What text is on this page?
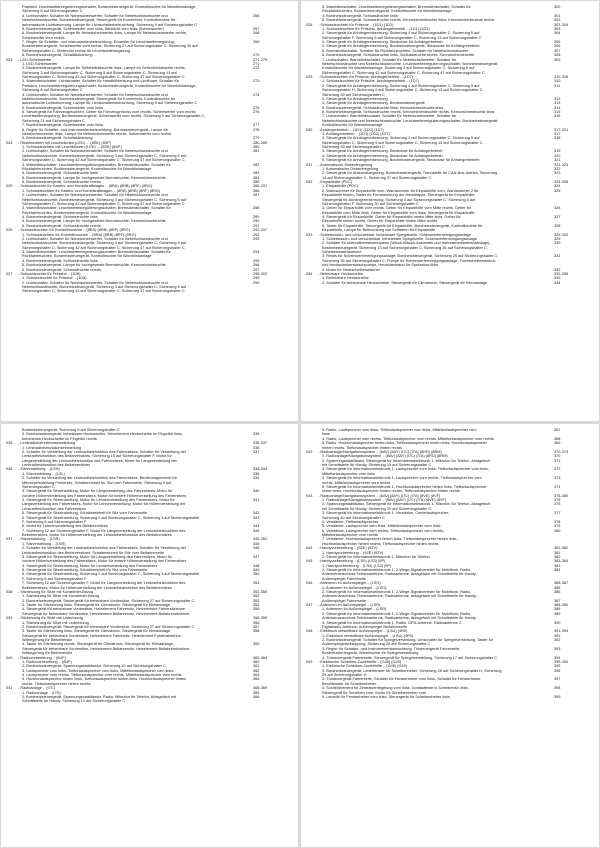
Parklicht, Leuchtweitenregulierungsschalter, Bordnetzsteuergerät, Kontrollleuchte für Warnblinkanlage,
Sicherung 8 auf Sicherungshalter C
4. Lichtschalter, Schalter für Nebelscheinwerfer, Schalter für Nebelschlussleuchte und	266
Nebelschlussleuchte, Bordnetzsteuergerät, Steuergerät für Kurvenlicht, Kontrollleuchte für
automatische Lichtsteuerung, Lampe für Lichtschalterbeleuchtung, Sicherung 9 auf Sicherungshalter C
5. Bordnetzsteuergerät, Scheinwerfer vorn links, Blinklicht vorn links (Scheinwerfer)	267
6. Bordnetzsteuergerät, Lampe für Nebelscheinwerfer links, Lampe für Nebelscheinwerfer rechts,	268
Scheinwerfer vorn rechts
7. Regler für Schalter- und Instrumentenbeleuchtung, Einsteller für Leuchtweitenregelung,	269
Bordnetzsteuergerät, Scheinwerfer vorn rechts, Sicherung 21 auf Sicherungshalter C, Sicherung 30 auf
Sicherungshalter C, Stellmotor rechts für Leuchtweitenregelung
8. Bordnetzsteuergerät, Schaltaktivierung	270
023	- LED-Scheinwerfer	271-279
1. LED-Scheinwerfer	271
2. Bordnetzsteuergerät, Lampe für Seitenblinkleuchte links, Lampe für Seitenblinkleuchte rechts,	272
Sicherung 3 auf Sicherungshalter C, Sicherung 5 auf Sicherungshalter C, Sicherung 13 auf
Sicherungshalter C, Sicherung 42 auf Sicherungshalter C, Sicherung 47 auf Sicherungshalter C
3. Warnblinkschalter, Lichtschalter, Schalter für Handbühlenkung und Lichthupe, Schalter für	273
Parklicht, Leuchtweitenregulierungsschalter, Bordnetzsteuergerät, Kontrollleuchte für Warnblinkanlage,
Sicherung 8 auf Sicherungshalter C
4. Lichtschalter, Schalter für Nebelscheinwerfer, Schalter für Nebelschlussleuchte und	274
Nebelschlussleuchte, Bordnetzsteuergerät, Steuergerät für Kurvenlicht, Kontrollleuchte für
automatische Lichtsteuerung, Lampe für Lichtschalterbeleuchtung, Sicherung 9 auf Sicherungshalter C
5. Bordnetzsteuergerät, Scheinwerfer vorn links	275
6. Steuergerät für Fahrzeugleuchten, Geber für Fahrzeugniveau vorn rechts, Scheinwerfer vorn rechts	276
Leuchtweitenregelung, Bordnetzsteuergerät, Scheinwerfer vorn rechts, Sicherung 9 auf Sicherungshalter C,
Sicherung 21 auf Sicherungshalter C
7. Bordnetzsteuergerät, Scheinwerfer vorn links	277
8. Regler für Schalter- und Instrumentenbeleuchtung, Bordnetzsteuergerät, Lampe für	278
Nebelscheinwerfer links, Lampe für Nebelscheinwerfer rechts, Scheinwerfer vorn rechts
9. Bordnetzsteuergerät, Schaltaktivierung	279
024	- Rückleuchten mit Leuchtdioden (LED) ... (8SK) (8SP)	280-285
1. Schlussleuchten mit Leuchtdioden (LED) ... (8SK) (8SP)	280
2. Lichtschalter, Schalter für Nebelscheinwerfer, Schalter für Nebelschlussleuchte und	281
Nebelschlussleuchte, Bordnetzsteuergerät, Sicherung 3 auf Sicherungshalter C, Sicherung 5 auf
Sicherungshalter C, Sicherung 42 auf Sicherungshalter C, Sicherung 47 auf Sicherungshalter C
3. Warnblinkschalter, Leuchtweitenregulierungsschalter, Bremslichtschalter, Schalter für	282
Rückfahrleuchten, Bordnetzsteuergerät, Kontrollleuchte für Warnblinkanlage
4. Bordnetzsteuergerät, Schlussleuchte links	283
5. Bordnetzsteuergerät, Lampe für hochgesetzte Bremsleuchte, Kennzeichenleuchte	284
6. Bordnetzsteuergerät, Schlussleuchte rechts	285
025	- Schlussleuchte für Kasten- und Kombikraftwagen .. (8RA) (8RB) (8RF) (8RG)	286-291
1. Schlussleuchten für Kasten- und Kombikraftwagen .. (8RA) (8RB) (8RF) (8RG)	286
2. Lichtschalter, Schalter für Nebelscheinwerfer, Schalter für Nebelschlussleuchte und	287
Nebelschlussleuchte, Bordnetzsteuergerät, Sicherung 3 auf Sicherungshalter C, Sicherung 5 auf
Sicherungshalter C, Sicherung 42 auf Sicherungshalter C, Sicherung 47 auf Sicherungshalter C
3. Warnblinkschalter, Leuchtweitenregulierungsschalter, Bremslichtschalter, Schalter für	288
Rückfahrleuchten, Bordnetzsteuergerät, Kontrollleuchte für Warnblinkanlage
4. Bordnetzsteuergerät, Schlussleuchte links	289
5. Bordnetzsteuergerät, Lampe für hochgesetzte Bremsleuchte, Kennzeichenleuchte	290
6. Bordnetzsteuergerät, Schlussleuchte rechts	291
026	- Schlussleuchten für Kombilimousine .. (8RA) (8RB) (8RF) (8RG)	292-297
1. Schlussleuchten für Kombilimousine .. (8RA) (8RB) (8RF) (8RG)	292
2. Lichtschalter, Schalter für Nebelscheinwerfer, Schalter für Nebelschlussleuchte und	293
Nebelschlussleuchte, Bordnetzsteuergerät, Sicherung 3 auf Sicherungshalter C, Sicherung 5 auf
Sicherungshalter C, Sicherung 42 auf Sicherungshalter C, Sicherung 47 auf Sicherungshalter C
3. Warnblinkschalter, Leuchtweitenregulierungsschalter, Bremslichtschalter, Schalter für	294
Rückfahrleuchten, Bordnetzsteuergerät, Kontrollleuchte für Warnblinkanlage
4. Bordnetzsteuergerät, Schlussleuchte links	295
5. Bordnetzsteuergerät, Lampe für hochgesetzte Bremsleuchte, Kennzeichenleuchte	296
6. Bordnetzsteuergerät, Schlussleuchte rechts	297
027	- Schlussleuchte für Pritsche .. (1D8)	298-302
1. Schlussleuchte für Pritsche .. (1D8)	298
2. Lichtschalter, Schalter für Nebelscheinwerfer, Schalter für Nebelschlussleuchte und	299
Nebelschlussleuchte, Bordnetzsteuergerät, Sicherung 3 auf Sicherungshalter C, Sicherung 5 auf
Sicherungshalter C, Sicherung 42 auf Sicherungshalter C, Sicherung 47 auf Sicherungshalter C
3. Warnblinkschalter, Leuchtweitenregulierungsschalter, Bremslichtschalter, Schalter für	300
Rückfahrleuchten, Bordnetzsteuergerät, Kontrollleuchte für Warnblinkanlage
4. Bordnetzsteuergerät, Schlussleuchte links	301
5. Bordnetzsteuergerät, Schlussleuchte rechts, Kennzeichenleuchte links, Kennzeichenleuchte rechts	302
028	- Schlussleuchten für Pritsche .. (1D1) (1D2)	303-309
1. Schlussleuchten für Pritsche, Anhängerbetrieb .. (1D1) (1D2)	303
2. Steuergerät für Anhängererkennung, Sicherung 4 auf Sicherungshalter C, Sicherung 5 auf	304
Sicherungshalter F, Sicherung 5 auf Sicherungshalter C, Sicherung 13 auf Sicherungshalter C
3. Steuergerät für Anhängererkennung, Steckdose für Anhängerbetrieb	305
4. Steuergerät für Anhängererkennung, Bordnetzsteuergerät, Steckdose für Anhängerbetrieb	306
5. Bremslichtschalter, Schalter für Rückfahrleuchten, Schalter für Nebelschlussleuchte	307
6. Bordnetzsteuergerät, Schlussleuchte links, Schlussleuchte rechts, Kennzeichenleuchte	308
7. Lichtschalter, Warnblinkschalter, Schalter für Nebelscheinwerfer, Schalter für	309
Nebelschlussleuchte und Nebelschlussleuchte, Leuchtweitenregulierungsschalter, Bordnetzsteuergerät,
Kontrollleuchte für Warnblinkanlage, Sicherung 3 auf Sicherungshalter C, Sicherung 5 auf
Sicherungshalter C, Sicherung 42 auf Sicherungshalter C, Sicherung 47 auf Sicherungshalter C
029	- Schlussleuchten für Pritsche, Anhängerbetrieb .. (1D7)	310-316
1. Schlussleuchten für Pritsche, Anhängerbetrieb .. (1D7)	310
2. Steuergerät für Anhängererkennung, Sicherung 4 auf Sicherungshalter C, Sicherung 5 auf	311
Sicherungshalter H, Sicherung 9 auf Sicherungshalter C, Sicherung 13 auf Sicherungshalter C,
Sicherung 39 auf Sicherungshalter C
3. Steuergerät für Anhängererkennung	312
4. Steuergerät für Anhängererkennung, Bordnetzsteuergerät	313
5. Bordnetzsteuergerät, Schlussleuchte links, Kennzeichenleuchte links	314
6. Bordnetzsteuergerät, Schlussleuchte rechts, Kennzeichenleuchte rechts, Kennzeichenleuchte links	315
7. Lichtschalter, Warnblinkschalter, Schalter für Nebelscheinwerfer, Schalter für	316
Nebelschlussleuchte und Nebelschlussleuchte, Leuchtweitenregulierungsschalter, Bordnetzsteuergerät,
Kontrollleuchte für Warnblinkanlage
030	- Anhängerbetrieb .. (1D1) (1D2) (1D7)	317-321
1. Anhängerbetrieb .. (1D1) (1D2) (1D7)	317
2. Steuergerät für Anhängererkennung, Sicherung 4 auf Sicherungshalter C, Sicherung 5 auf	318
Sicherungshalter C, Sicherung 9 auf Sicherungshalter C, Sicherung 13 auf Sicherungshalter C,
Sicherung 39 auf Sicherungshalter C
3. Steuergerät für Anhängererkennung, Steckdose für Anhängerbetrieb	319
4. Steuergerät für Anhängererkennung, Steckdose für Anhängerbetrieb	320
5. Steuergerät für Anhängererkennung, Bordnetzsteuergerät, Steckdose für Anhängerbetrieb	321
031	- Automatische Distanzregelung	322-323
1. Automatische Distanzregelung	322
2. Steuergerät für Abstandsregelung, Bordnetzsteuergerät, Trennstelle für CAN-Bus-Antrieb, Sicherung	323
14 auf Sicherungshalter C, Sicherung 37 auf Sicherungshalter C
032	- Einparkhilfe (PDC)	324-328
1. Einparkhilfe (PDC)	324
2. Warnsummer für Einparkhilfe vorn, Warnsummer für Einparkhilfe vorn, Warnsummer 2 für	325
Einparkhilfe hinten, Taster für Fernsteuerung der Heckklappe, Steuergerät für Einparkhilfe,
Steuergerät für Anhängererkennung, Sicherung 4 auf Sicherungshalter C, Sicherung 6 auf
Sicherungshalter F, Sicherung 30 auf Sicherungshalter C
3. Geber für Einparkhilfe vorn rechts, Geber für Einparkhilfe vorn Mitte rechts, Geber für	326
Einparkhilfe vorn Mitte links, Geber für Einparkhilfe vorn links, Steuergerät für Einparkhilfe
4. Steuergerät für Einparkhilfe, Geber für Einparkhilfe hinten Mitte links, Geber für	327
Einparkhilfe hinten rechts, Geber für Einparkhilfe hinten Mitte rechts
5. Taster für Einparkhilfe, Steuergerät für Einparkhilfe, Bordnetzsteuergerät, Kontrollleuchte für	328
Einparkhilfe, Lampe für Beleuchtung von Schaltern für Einparkhilfe
033	- Schiebedach- und verschiebbar, beheizbare Spiegelzelle, Scheinwerferreinigungsanlage	329-332
1. Schiebedach- und verschiebbar, beheizbare Spiegelzelle, Scheinwerferreinigungsanlage	329
2. Schalter für Intervallbetriebsfrequenz (Wisch-Wasch-Automatik und Intervalmerkbetriebsanlage),	330
Bordnetzsteuergerät, Sicherung 13 auf Sicherungshalter C, Sicherung 36 auf Sicherungshalter C,
Scheibenwaschsumme
3. Relais für Scheinwerferreinigungsanlage, Bordnetzsteuergerät, Sicherung 29 auf Sicherungshalter C,	331
Sicherung 36 auf Sicherungshalter C, Pumpe für Scheinwerferreinigungsanlage, Frontscheibenwasch-
und Heckscheibenwaschpumpe, Heizwiderstand für Spritzdüse links
4. Motor für Heckscheibenwischer	332
034	- Beheizbare Heckscheibe	333-335
1. Beheizbare Heckscheibe	333
2. Schalter für beheizbare Heckscheibe, Steuergerät für Climatronic, Steuergerät für Klimaanlage	334
Bordnetzsteuergerät, Sicherung 8 auf Sicherungshalter C
3. Bordnetzsteuergerät, beheizbare Heckscheibe, Heizelement Heckscheibe im Flügelfür links,	335
beheizbare Heckscheibe im Flügeltür rechts
035	- Lenkradheizfunktionseinstellung	336-337
1. Lenkradheizfunktionseinstellung	336
2. Schalter für Verstellung der Lenkradheizfunktion des Fahrersitzes, Schalter für Verstellung der	337
Lenkradheizfunktion des Beifahrersitzes, Sicherung 10 auf Sicherungshalter F, Motor für
Längsverstellung der Lenkradheizfunktion des Fahrersitzes, Motor für Längsverstellung der
Lenkradheizfunktion des Beifahrersitzes
036	- Sitzverstellung .. (LSH)	338-344
1. Sitzverstellung .. (LSL)	338
2. Schalter für Verstellung der Lenkradheizfunktion des Fahrersitzes, Bedienungseinheit für	339
Memoryeinstellung Fahrersitz, Schaltereinheit für Sitz vorn Fahrerseite, Sicherung 3 auf
Sicherungshalter C
3. Steuergerät für Sitzeinstellung, Motor für Längsverstellung des Fahrersitzes, Motor für	340
vordere Höhenverstellung des Fahrersitzes, Motor für hintere Höhenverstellung des Fahrersitzes
4. Steuergerät für Sitzeinstellung, Motor für Lehnenverstellung des Fahrersitzes, Motor für	341
Längsverstellung des Fahrersitzes, Motor für Lehnenverstellung, Motor für Höhenverstellung der
Lenkradheizfunktion des Fahrersitzes
5. Steuergerät für Sitzeinstellung, Schaltereinheit für Sitz vorn Fahrerseite	342
6. Steuergerät für Sitzeinstellung, Sicherung 2 auf Sicherungshalter C, Sicherung 3 auf Sicherungshalter	343
F, Sicherung 8 auf Sicherungshalter F
8. Motor für Lehnenverstellung des Beifahrersitzes	344
7. Sicherung 12 auf Sicherungshalter F, Motor für Längsverstellung der Lenkradheizfunktion des	345
Beifahrersitzes, Motor für Höhenverstellung der Lenkradheizfunktion des Beifahrersitzes
037	- Sitzverstellung .. (LSR)	345-351
1. Sitzverstellung .. (LSR)	345
2. Schalter für Verstellung der Lenkradheizfunktion des Fahrersitzes, Schalter für Verstellung der	346
Lenkradheizfunktion des Beifahrersitzes, Schaltereinheit für Sitz vorn Beifahrerseite
3. Steuergerät für Sitzeinstellung, Motor für Längsverstellung des Fahrersitzes, Motor für	347
vordere Höhenverstellung des Fahrersitzes, Motor für hintere Höhenverstellung des Fahrersitzes
4. Steuergerät für Sitzeinstellung, Motor für Lehnenverstellung des Fahrersitzes	348
5. Steuergerät für Sitzeinstellung, Schaltereinheit für Sitz vorn Fahrerseite	349
6. Steuergerät für Sitzeinstellung, Sicherung 2 auf Sicherungshalter C, Sicherung 3 auf Sicherungshalter	350
F, Sicherung 8 auf Sicherungshalter F
7. Sicherung 12 auf Sicherungshalter F, Motor für Längsverstellung der Lenkradheizfunktion des	351
Beifahrersitzes, Motor für Höhenverstellung der Lenkradheizfunktion des Beifahrersitzes
038	- Sitzheizung für Sitze mit Kunstleder-Bezug	352-355
1. Sitzheizung für Sitze mit Kunstleder-Bezug	352
2. Bordnetzsteuergerät, Steuergerät für beheizbare Vordersitze, Sicherung 27 auf Sicherungshalter C	353
3. Taster für Sitzheizung links, Steuergerät für Climatronic, Steuergerät für Klimaanlage	354
4. Steuergerät für beheizbare Vordersitze, Heizelement Fahrersitz, Heizelement Fahrersitzlehne	355
Steuergerät für beheizbare Vordersitze, Heizelement Beifahrersitz, Heizelement Beifahrersitzlehne
039	- Sitzheizung für Sitze mit Lederbezug	356-359
1. Sitzheizung für Sitze mit Lederbezug	356
2. Bordnetzsteuergerät, Steuergerät für beheizbare Vordersitze, Sicherung 27 auf Sicherungshalter C	357
3. Taster für Sitzheizung links, Steuergerät für Climatronic, Steuergerät für Klimaanlage,	358
Steuergerät für beheizbare Vordersitze, Heizelement Fahrersitz, Heizelement Fahrersitzlehne,
Wärmgerung für Beifahrersitz
4. Taster für Sitzheizung rechts, Steuergerät für Climatronic, Steuergerät für Klimaanlage,	359
Steuergerät für beheizbare Vordersitze, Heizelement Beifahrersitz, Heizelement Beifahrersitzlehne,
Wärmgerung für Beifahrersitz
040	- Radiovorbereitung .. (8UF)	360-364
1. Radiovorbereitung .. (8UF)	360
2. Bordnetzsteuergerät, Spannungsstabilisator, Sicherung 10 auf Sicherungshalter C	361
3. Lautsprecher vorn links, Tieftonlautsprecher vorn links, Mitteltonlautsprecher vorn links	362
4. Lautsprecher vorn rechts, Tieftonlautsprecher vorn rechts, Mitteltonlautsprecher vorn rechts	363
5. Hochtonlautsprecher hinten links, Tieftonlautsprecher hinten links, Hochtonlautsprecher hinten	364
rechts, Tieftonlautsprecher hinten rechts
041	- Radioanlage .. (I7C)	365-369
1. Radioanlage .. (I7D)	365
2. Bordnetzsteuergerät, Spannungsstabilisator, Radio, Mikrofon für Telefon, Ablagefach mit	366
Schnittstelle für Handy, Sicherung 10 auf Sicherungshalter C
3. Radio, Lautsprecher vorn links, Tieftonlautsprecher vorn links, Mitteltonlautsprecher vorn	367
links
4. Radio, Lautsprecher vorn rechts, Tieftonlautsprecher vorn rechts, Mitteltonlautsprecher vorn rechts	368
5. Radio, Hochtonlautsprecher hinten links, Tieftonlautsprecher hinten links, Hochtonlautsprecher	369
hinten rechts, Tieftonlautsprecher hinten rechts
042	- Radioanlage/Navigationssystem .. (8AV) (8AY) (I7C) (I7A) (8RD) (8RM)	370-374
1. Radioanlage/Navigationssystem .. (8AV) (8AY) (I7C) (I7A) (8RD) (8RM)	370
2. Spannungsstabilisator, Steuergerät für Informationselektronik 1, Mikrofon für Telefon, Ablagefach	371
mit Schnittstelle für Handy, Sicherung 10 auf Sicherungshalter C
3. Steuergerät für Informationselektronik 1, Lautsprecher vorn links, Tieftonlautsprecher vorn links,	372
Mitteltonlautsprecher vorn links
4. Steuergerät für Informationselektronik 1, Lautsprecher vorn rechts, Tieftonlautsprecher vorn	373
rechts, Mitteltonlautsprecher vorn rechts
5. Steuergerät für Informationselektronik 1, Hochtonlautsprecher hinten links, Tieftonlautsprecher	374
hinten links, Hochtonlautsprecher hinten rechts, Tieftonlautsprecher hinten rechts
043	- Radioanlage/Navigationssystem .. (8AV) (8AY) (I7C) (I7A) (8VE) (8VF)	375-380
1. Radioanlage/Navigationssystem .. (8AV) (8AY) (I7C) (I7A) (8VE) (8VF)	375
2. Spannungsstabilisator, Steuergerät für Informationselektronik 1, Mikrofon für Telefon, Ablagefach	376
mit Schnittstelle für Handy, Sicherung 10 auf Sicherungshalter C
3. Steuergerät für Informationselektronik 1, Verstärker, Centerlautsprecher,	377
Sicherung 40 auf Sicherungshalter C
4. Verstärker, Tieftonlautsprecher	378
5. Verstärker, Lautsprecher vorn links, Mitteltonlautsprecher vorn links	379
6. Verstärker, Lautsprecher vorn rechts, Tieftonlautsprecher vorn rechts,	380
Mitteltonlautsprecher vorn rechts
7. Verstärker, Hochtonlautsprecher hinten links, Tieftonlautsprecher hinten links,
Hochtonlautsprecher hinten rechts, Tieftonlautsprecher hinten rechts
044	- Handyvorbereitung .. (9ZE) (9ZV)	381-382
1. Handyvorbereitung .. (9ZE) (9ZV)	381
2. Steuergerät für Informationselektronik 1, Mikrofon für Telefon	382
045	- Handyvorbereitung .. (LS0) (LS3) (9P)	383-384
1. Handyvorbereitung .. (LS0) (LS3) (9P)	383
2. Steuergerät für Informationselektronik 1, 2-Wege-Signalverteiler für Mobilfunk, Radio,	384
Antennenanschluss Telefonantenne, Radioantenne, Ablagefach mit Schnittstelle für Handy,
Außenspiegel Fahrerseite
046	- Antennen im Außenspiegel .. (LSO)	385-387
1. Antennen im Außenspiegel .. (LSO)	385
2. Steuergerät für Informationselektronik 1, 2-Wege-Signalverteiler für Mobilfunk, Radio,	386
Antennenanschluss Telefonantenne, Radioantenne, Ablagefach mit Schnittstelle für Handy,
Außenspiegel Fahrerseite	387
047	- Antennen im Außenspiegel .. (LSR)	388-390
1. Antennen im Außenspiegel .. (LSR)	388
2. Steuergerät für Informationselektronik 1, 2-Wege-Signalverteiler für Mobilfunk, Radio,	389
Antennenanschluss Telefonantenne, Radioantenne, Ablagefach mit Schnittstelle für Handy
3. Steuergerät für Informationselektronik 1, Radio, GPS-Antenne, Radioantenne 2,	390
Digitalradio-Antenne, Außenspiegel Beifahrerseite
048	- Elektrisch verstellbare Außenspiegel .. (LSU) (4R0)	391-394
1. Elektrisch verstellbare Außenspiegel .. (LSU) (4R0)	391
2. Bordnetzsteuergerät, Schalter für Spiegelverstellung, Umschalter für Spiegelverstellung, Taster für	392
Außenspiegelanklappung, Sicherung 28 auf Sicherungshalter C
3. Regler für Schalter- und Instrumentenbeleuchtung, Türsteuergerät Fahrerseite,	393
Bordnetzsteuergerät, Warnleuchte für Spiegelverstellung
4. Türsteuergerät Fahrerseite, Steuergerät für Spiegelverstellung, Sicherung 17 auf Sicherungshalter C	394
049	- Elektrische Scheiben-Zuziehhilfe .. (G45) (G29)	395-400
1. Elektrische Scheiben-Zuziehhilfe .. (G45) (G29)	395
2. Bordnetzsteuergerät, Lederfenster für Scheibenheber, Sicherung 28 auf Sicherungshalter H, Sicherung	396
29 auf Sicherungshalter H
3. Türsteuergerät Fahrerseite, Schalter für Fensterheber vorn links, Schalter für Fensterheber	397
Beneifenster für Scheibenheber
4. Schließelement für Zentralverriegelung vorn links, Kontaktfeste in Scheibenfür links,	398
Steuergerät für Scheiben vorn, Motor für Scheibenheber vorn
5. Lamelle für Fensterheber vorn links, Steuergerät für Scheibenheber links	399
